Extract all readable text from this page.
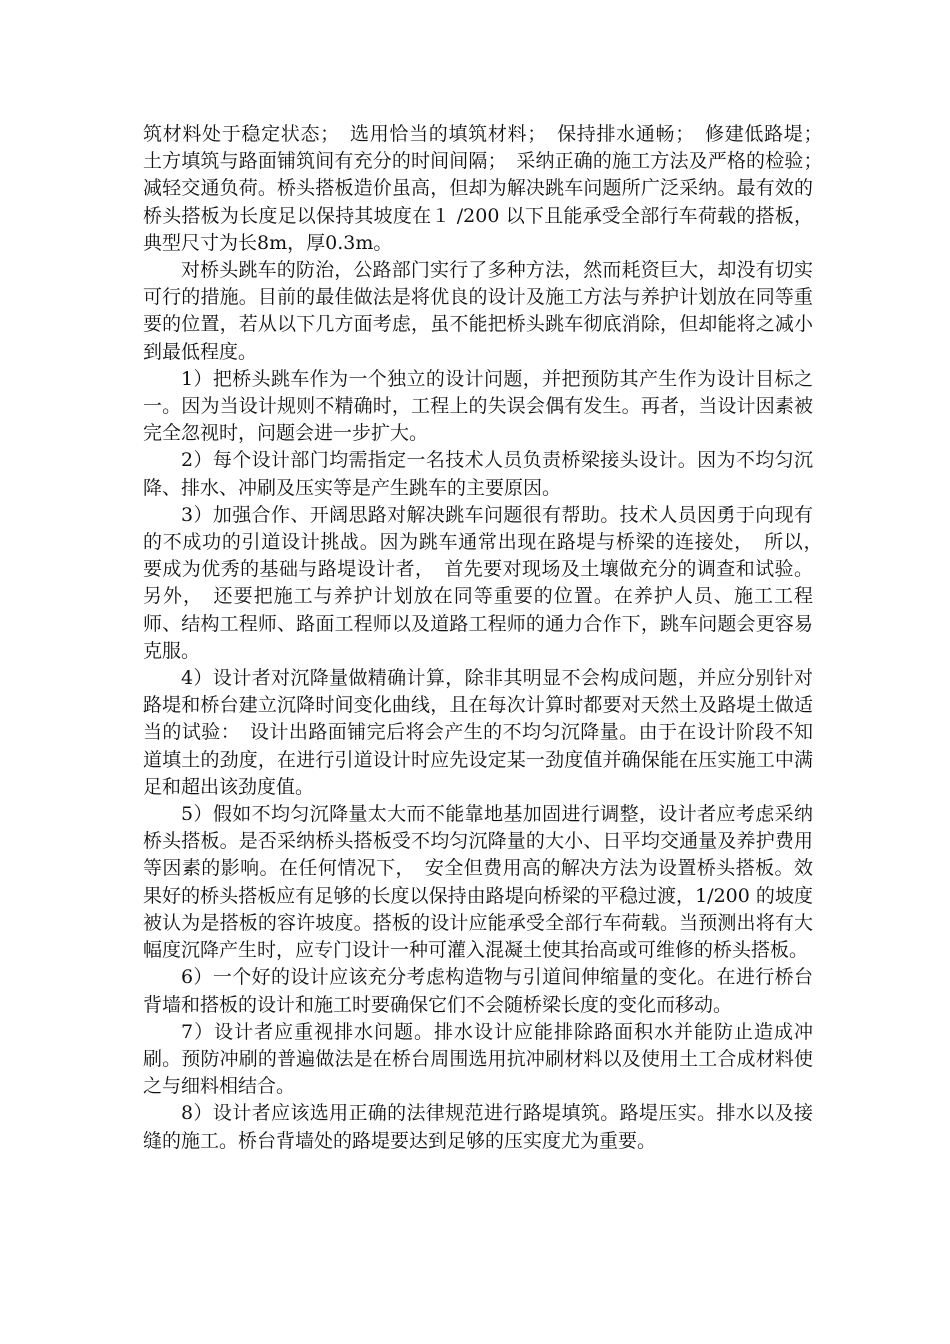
筑材料处于稳定状态；　选用恰当的填筑材料；　保持排水通畅；　修建低路堤；　土方填筑与路面铺筑间有充分的时间间隔；　采纳正确的施工方法及严格的检验；　减轻交通负荷。桥头搭板造价虽高，但却为解决跳车问题所广泛采纳。最有效的桥头搭板为长度足以保持其坡度在１ /200 以下且能承受全部行车荷载的搭板，典型尺寸为长8m，厚0.3m。

对桥头跳车的防治，公路部门实行了多种方法，然而耗资巨大，却没有切实可行的措施。目前的最佳做法是将优良的设计及施工方法与养护计划放在同等重要的位置，若从以下几方面考虑，虽不能把桥头跳车彻底消除，但却能将之减小到最低程度。

1）把桥头跳车作为一个独立的设计问题，并把预防其产生作为设计目标之一。因为当设计规则不精确时，工程上的失误会偶有发生。再者，当设计因素被完全忽视时，问题会进一步扩大。

2）每个设计部门均需指定一名技术人员负责桥梁接头设计。因为不均匀沉降、排水、冲刷及压实等是产生跳车的主要原因。

3）加强合作、开阔思路对解决跳车问题很有帮助。技术人员因勇于向现有的不成功的引道设计挑战。因为跳车通常出现在路堤与桥梁的连接处，　所以，　要成为优秀的基础与路堤设计者，　首先要对现场及土壤做充分的调查和试验。另外，　还要把施工与养护计划放在同等重要的位置。在养护人员、施工工程师、结构工程师、路面工程师以及道路工程师的通力合作下，跳车问题会更容易克服。

4）设计者对沉降量做精确计算，除非其明显不会构成问题，并应分别针对路堤和桥台建立沉降时间变化曲线，且在每次计算时都要对天然土及路堤土做适当的试验：　设计出路面铺完后将会产生的不均匀沉降量。由于在设计阶段不知道填土的劲度，在进行引道设计时应先设定某一劲度值并确保能在压实施工中满足和超出该劲度值。

5）假如不均匀沉降量太大而不能靠地基加固进行调整，设计者应考虑采纳桥头搭板。是否采纳桥头搭板受不均匀沉降量的大小、日平均交通量及养护费用等因素的影响。在任何情况下，　安全但费用高的解决方法为设置桥头搭板。效果好的桥头搭板应有足够的长度以保持由路堤向桥梁的平稳过渡，1/200 的坡度被认为是搭板的容许坡度。搭板的设计应能承受全部行车荷载。当预测出将有大幅度沉降产生时，应专门设计一种可灌入混凝土使其抬高或可维修的桥头搭板。

6）一个好的设计应该充分考虑构造物与引道间伸缩量的变化。在进行桥台背墙和搭板的设计和施工时要确保它们不会随桥梁长度的变化而移动。

7）设计者应重视排水问题。排水设计应能排除路面积水并能防止造成冲刷。预防冲刷的普遍做法是在桥台周围选用抗冲刷材料以及使用土工合成材料使之与细料相结合。

8）设计者应该选用正确的法律规范进行路堤填筑。路堤压实。排水以及接缝的施工。桥台背墙处的路堤要达到足够的压实度尤为重要。
